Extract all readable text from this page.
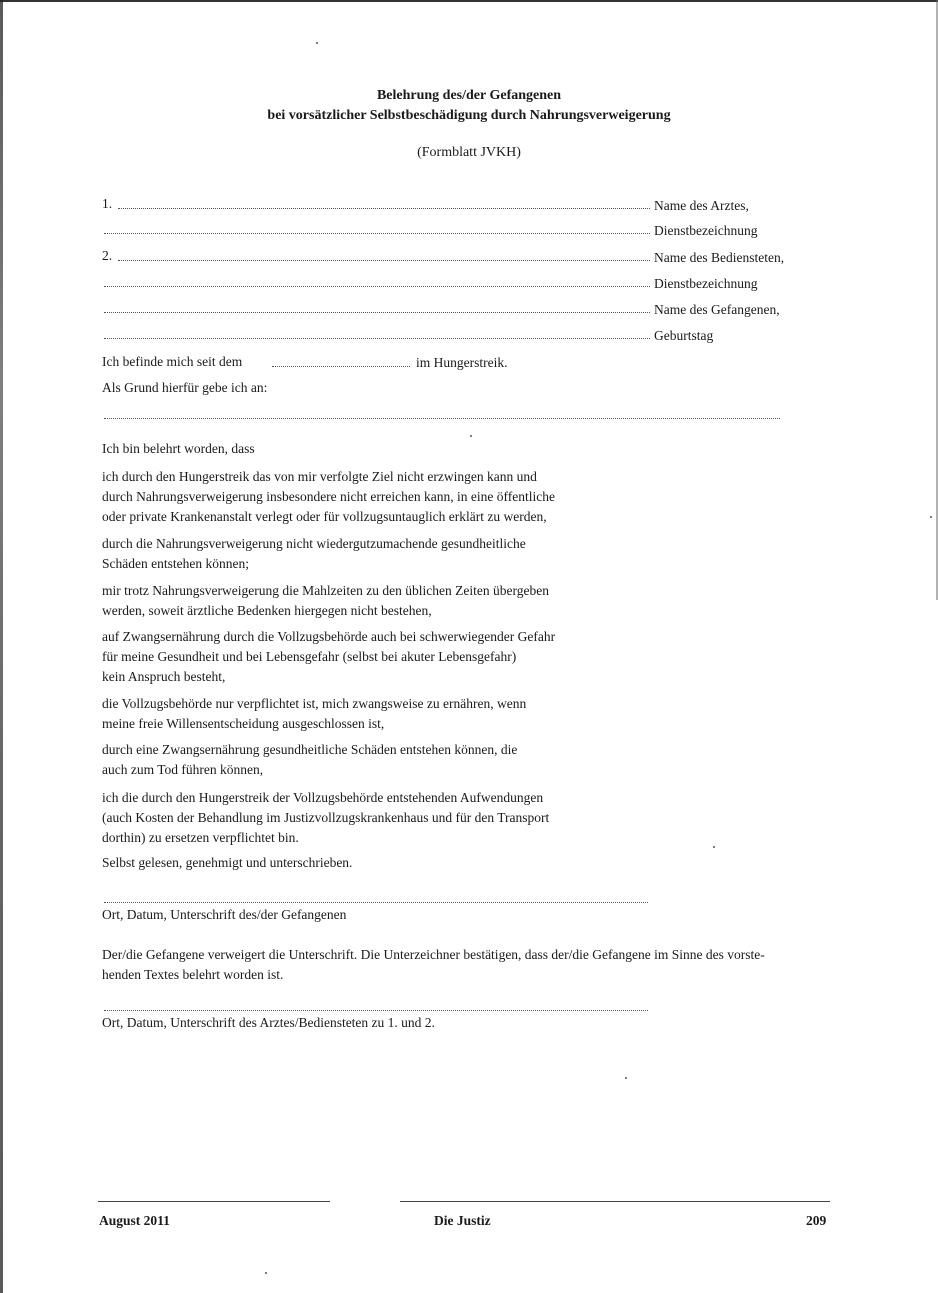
Belehrung des/der Gefangenen
bei vorsätzlicher Selbstbeschädigung durch Nahrungsverweigerung
(Formblatt JVKH)
1.	Name des Arztes,
Dienstbezeichnung
2.	Name des Bediensteten,
Dienstbezeichnung
Name des Gefangenen,
Geburtstag
Ich befinde mich seit dem	im Hungerstreik.
Als Grund hierfür gebe ich an:
Ich bin belehrt worden, dass
ich durch den Hungerstreik das von mir verfolgte Ziel nicht erzwingen kann und
durch Nahrungsverweigerung insbesondere nicht erreichen kann, in eine öffentliche
oder private Krankenanstalt verlegt oder für vollzugsuntauglich erklärt zu werden,
durch die Nahrungsverweigerung nicht wiedergutzumachende gesundheitliche
Schäden entstehen können;
mir trotz Nahrungsverweigerung die Mahlzeiten zu den üblichen Zeiten übergeben
werden, soweit ärztliche Bedenken hiergegen nicht bestehen,
auf Zwangsernährung durch die Vollzugsbehörde auch bei schwerwiegender Gefahr
für meine Gesundheit und bei Lebensgefahr (selbst bei akuter Lebensgefahr)
kein Anspruch besteht,
die Vollzugsbehörde nur verpflichtet ist, mich zwangsweise zu ernähren, wenn
meine freie Willensentscheidung ausgeschlossen ist,
durch eine Zwangsernährung gesundheitliche Schäden entstehen können, die
auch zum Tod führen können,
ich die durch den Hungerstreik der Vollzugsbehörde entstehenden Aufwendungen
(auch Kosten der Behandlung im Justizvollzugskrankenhaus und für den Transport
dorthin) zu ersetzen verpflichtet bin.
Selbst gelesen, genehmigt und unterschrieben.
Ort, Datum, Unterschrift des/der Gefangenen
Der/die Gefangene verweigert die Unterschrift. Die Unterzeichner bestätigen, dass der/die Gefangene im Sinne des vorste-
henden Textes belehrt worden ist.
Ort, Datum, Unterschrift des Arztes/Bediensteten zu 1. und 2.
August 2011	Die Justiz	209
